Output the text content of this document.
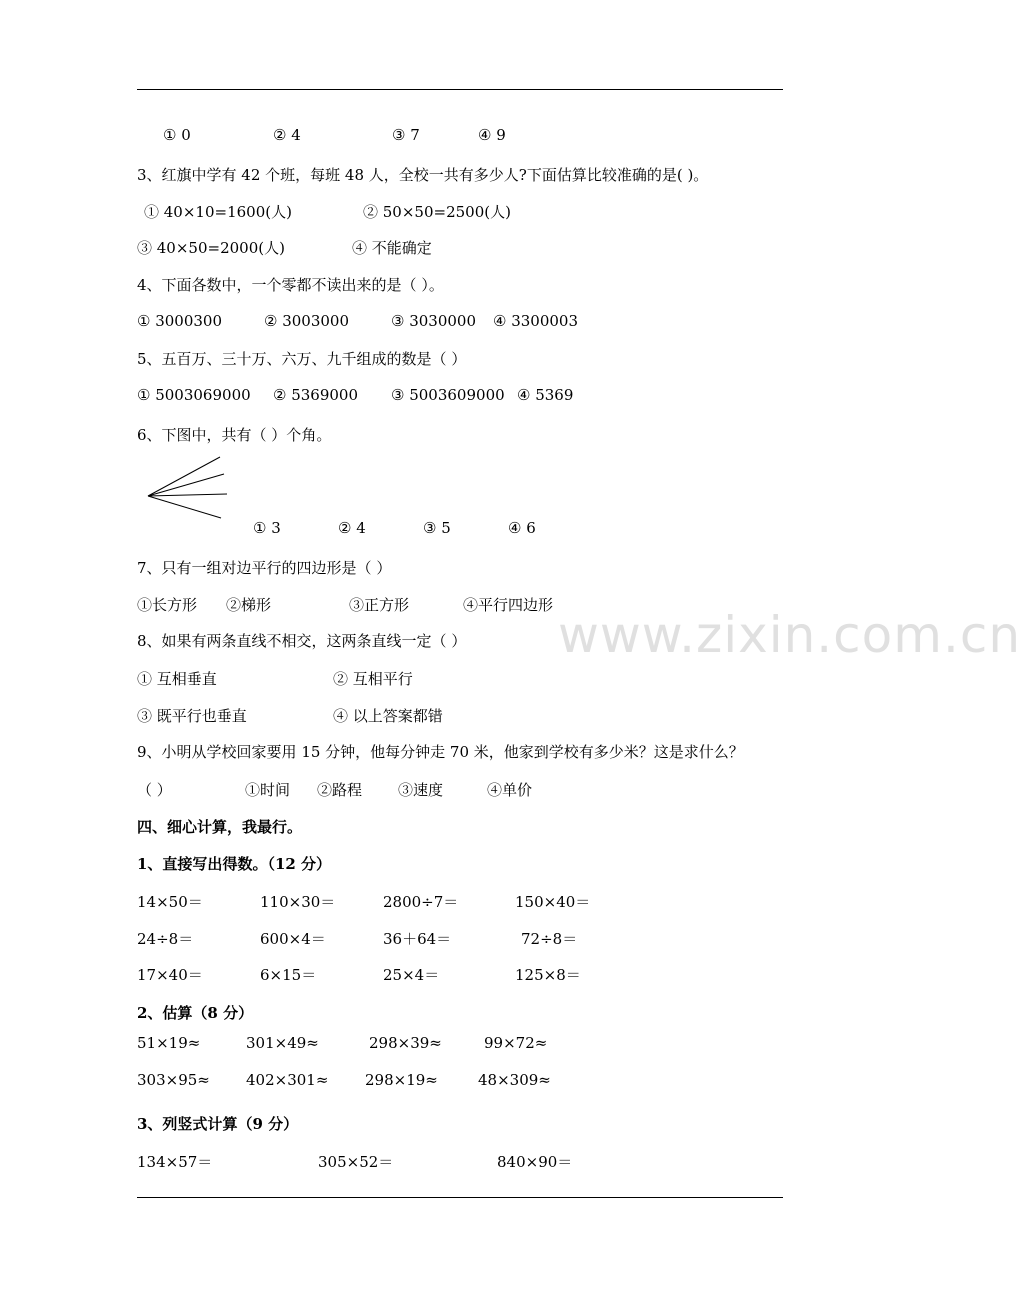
www.zixin.com.cn
① 0	② 4	③ 7	④ 9
3、红旗中学有 42 个班，每班 48 人，全校一共有多少人?下面估算比较准确的是( )。
① 40×10=1600(人)	② 50×50=2500(人)
③ 40×50=2000(人)	④ 不能确定
4、下面各数中，一个零都不读出来的是（ ）。
① 3000300	② 3003000	③ 3030000 ④ 3300003
5、五百万、三十万、六万、九千组成的数是（ ）
① 5003069000 ② 5369000 ③ 5003609000 ④ 5369
6、下图中，共有（ ）个角。
① 3	② 4	③ 5	④ 6
7、只有一组对边平行的四边形是（ ）
①长方形 ②梯形	③正方形	④平行四边形
8、如果有两条直线不相交，这两条直线一定（ ）
① 互相垂直	② 互相平行
③ 既平行也垂直	④ 以上答案都错
9、小明从学校回家要用 15 分钟，他每分钟走 70 米，他家到学校有多少米？这是求什么？
（ ）	①时间 ②路程 ③速度	④单价
四、细心计算，我最行。
1、直接写出得数。（12 分）
14×50＝	110×30＝	2800÷7＝	150×40＝
24÷8＝	600×4＝	36＋64＝	72÷8＝
17×40＝	6×15＝	25×4＝	125×8＝
2、估算（8 分）
51×19≈	301×49≈	298×39≈	99×72≈
303×95≈ 402×301≈ 298×19≈	48×309≈
3、列竖式计算（9 分）
134×57＝	305×52＝	840×90＝
